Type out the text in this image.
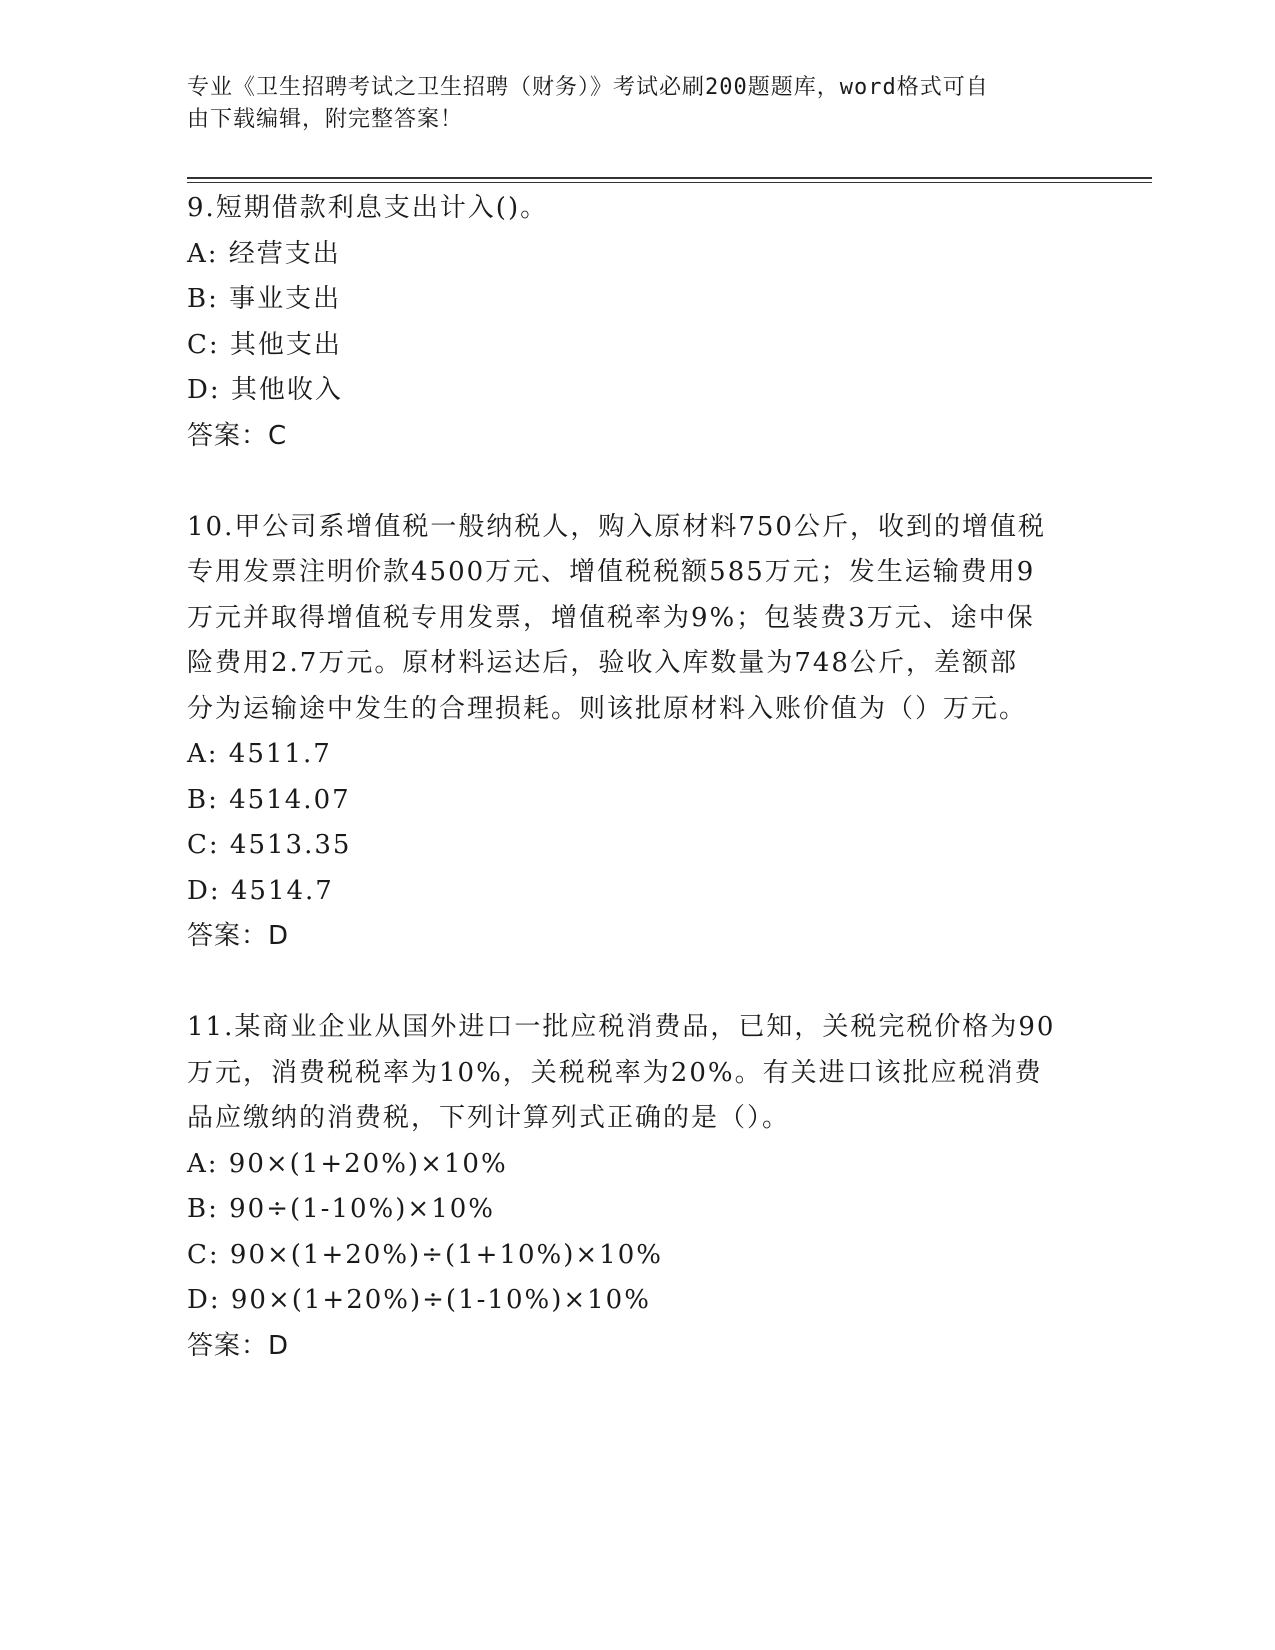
专业《卫生招聘考试之卫生招聘（财务）》考试必刷200题题库，word格式可自
由下载编辑，附完整答案！
9.短期借款利息支出计入()。
A: 经营支出
B: 事业支出
C: 其他支出
D: 其他收入
答案：C
10.甲公司系增值税一般纳税人，购入原材料750公斤，收到的增值税
专用发票注明价款4500万元、增值税税额585万元；发生运输费用9
万元并取得增值税专用发票，增值税率为9%；包装费3万元、途中保
险费用2.7万元。原材料运达后，验收入库数量为748公斤，差额部
分为运输途中发生的合理损耗。则该批原材料入账价值为（）万元。
A: 4511.7
B: 4514.07
C: 4513.35
D: 4514.7
答案：D
11.某商业企业从国外进口一批应税消费品，已知，关税完税价格为90
万元，消费税税率为10%，关税税率为20%。有关进口该批应税消费
品应缴纳的消费税，下列计算列式正确的是（）。
A: 90×(1+20%)×10%
B: 90÷(1-10%)×10%
C: 90×(1+20%)÷(1+10%)×10%
D: 90×(1+20%)÷(1-10%)×10%
答案：D
